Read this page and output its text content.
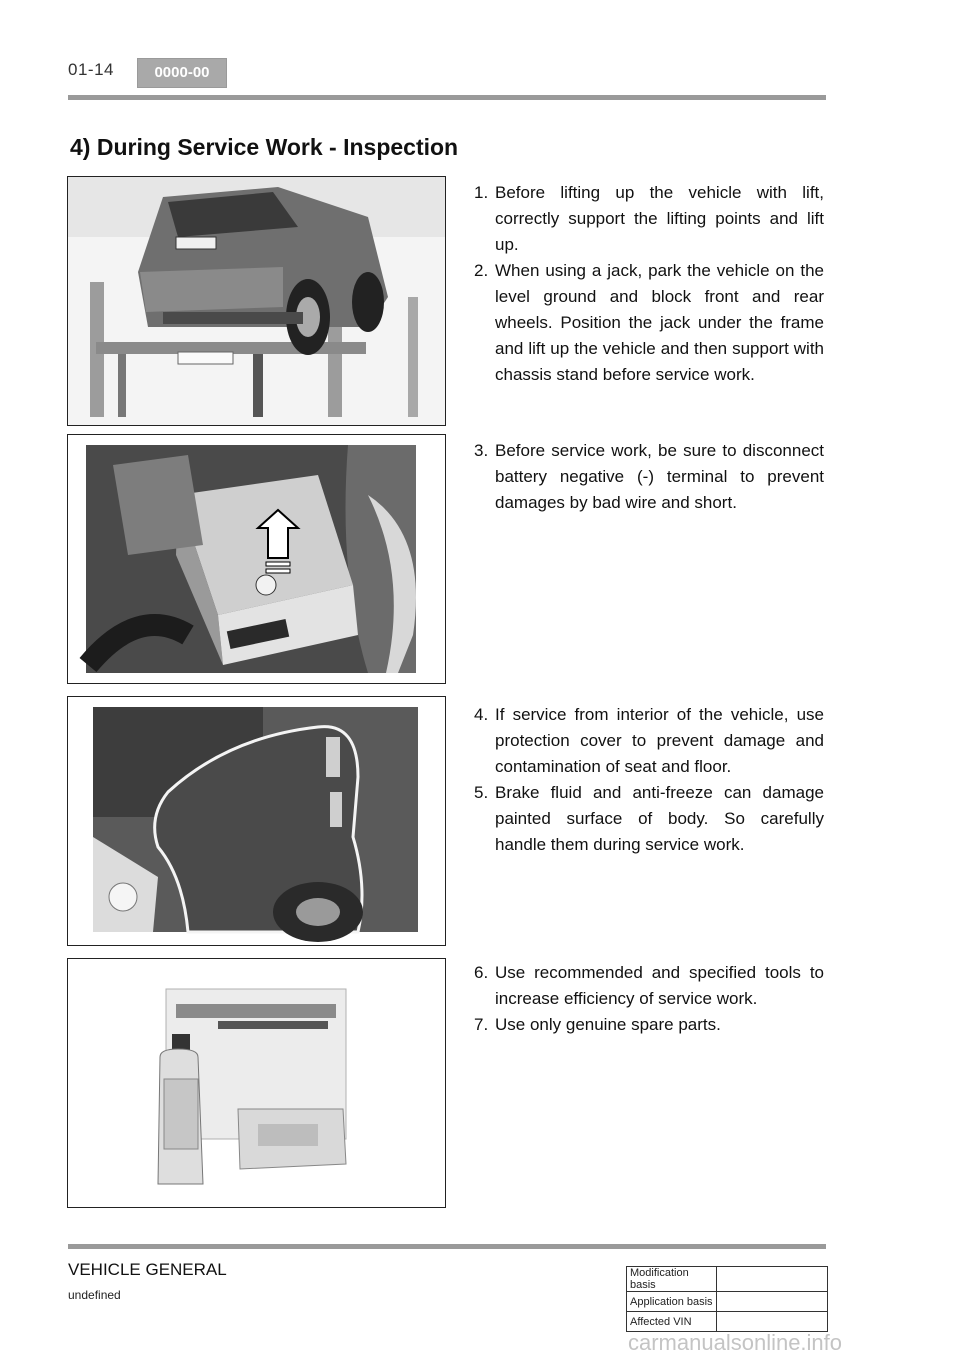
01-14	0000-00
4) During Service Work - Inspection
1. Before lifting up the vehicle with lift, correctly support the lifting points and lift up.
2. When using a jack, park the vehicle on the level ground and block front and rear wheels. Position the jack under the frame and lift up the vehicle and then support with chassis stand before service work.
3. Before service work, be sure to disconnect battery negative (-) terminal to prevent damages by bad wire and short.
4. If service from interior of the vehicle, use protection cover to prevent damage and contamination of seat and floor.
5. Brake fluid and anti-freeze can damage painted surface of body. So carefully handle them during service work.
6. Use recommended and specified tools to increase efficiency of service work.
7. Use only genuine spare parts.
VEHICLE GENERAL
undefined
Modification basis	
Application basis	
Affected VIN	
carmanualsonline.info
